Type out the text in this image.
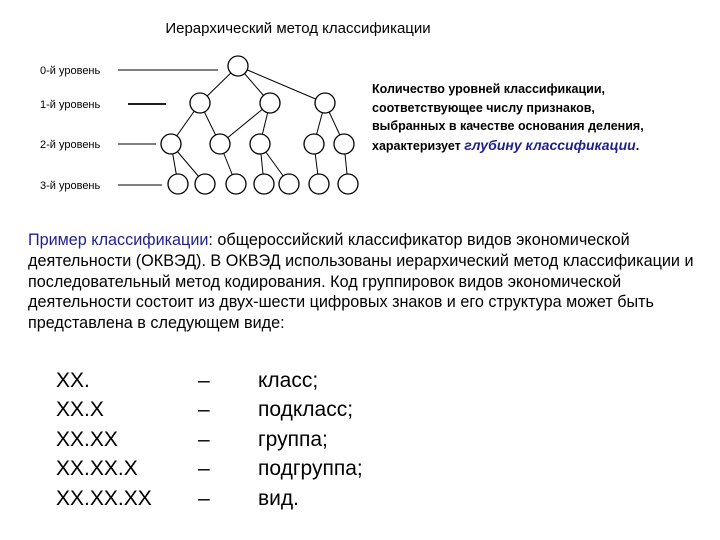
Иерархический метод классификации
0-й уровень
1-й уровень
2-й уровень
3-й уровень
Количество уровней классификации, соответствующее числу признаков, выбранных в качестве основания деления, характеризует глубину классификации.
Пример классификации: общероссийский классификатор видов экономической деятельности (ОКВЭД). В ОКВЭД использованы иерархический метод классификации и последовательный метод кодирования. Код группировок видов экономической деятельности состоит из двух-шести цифровых знаков и его структура может быть представлена в следующем виде:
ХХ.
ХХ.Х
ХХ.ХХ
ХХ.ХХ.Х
ХХ.ХХ.ХХ
–
–
–
–
–
класс;
подкласс;
группа;
подгруппа;
вид.
